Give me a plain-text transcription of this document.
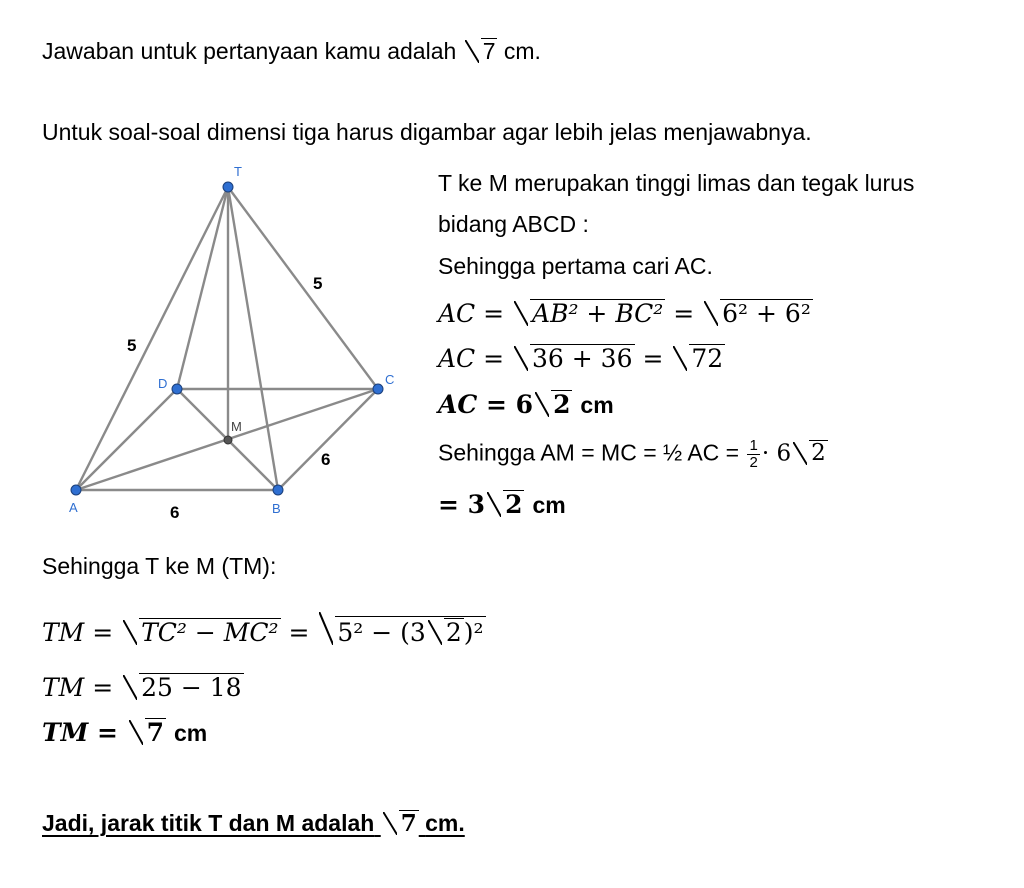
Jawaban untuk pertanyaan kamu adalah 7 cm.
Untuk soal-soal dimensi tiga harus digambar agar lebih jelas menjawabnya.
T
A	B
C
D
M
5
5
6
6
T ke M merupakan tinggi limas dan tegak lurus
bidang ABCD :
Sehingga pertama cari AC.
AC = AB² + BC² = 6² + 6²
AC = 36 + 36 = 72
AC = 6 2 cm
Sehingga AM = MC = ½ AC = $\frac{1}{2} \cdot 6$ 2
= 3 2 cm
Sehingga T ke M (TM):
TM = TC² − MC² = 5² − (3 2)²
TM = 25 − 18
TM = 7 cm
Jadi, jarak titik T dan M adalah 7 cm.
